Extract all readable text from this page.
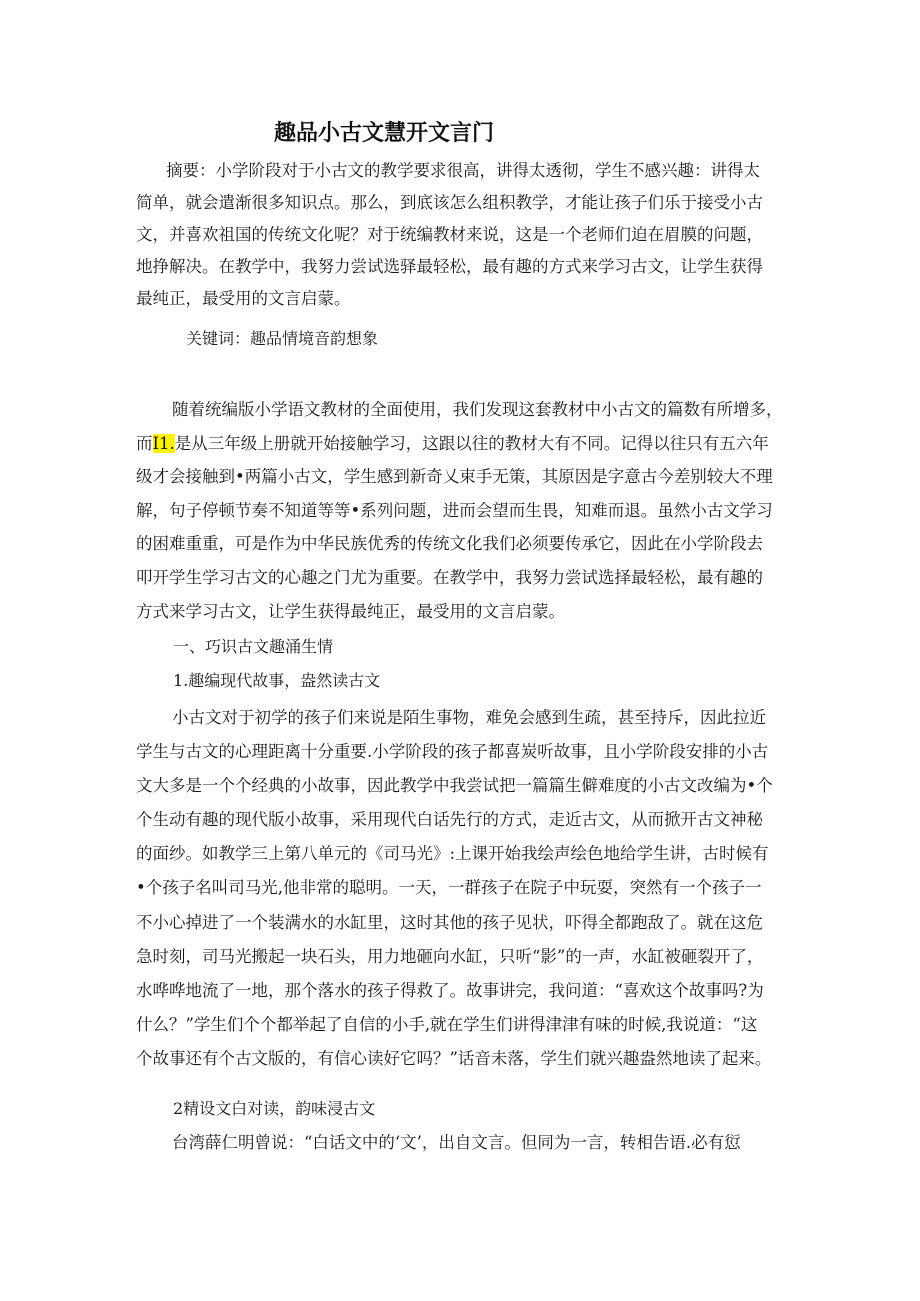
趣品小古文慧开文言门
摘要：小学阶段对于小古文的教学要求很高，讲得太透彻，学生不感兴趣：讲得太
简单，就会遣渐很多知识点。那么，到底该怎么组积教学，才能让孩子们乐于接受小古
文，并喜欢祖国的传统文化呢？对于统编教材来说，这是一个老师们迫在眉膜的问题，
地挣解决。在教学中，我努力尝试选驿最轻松，最有趣的方式来学习古文，让学生获得
最纯正，最受用的文言启蒙。
关键词：趣品情境音韵想象
随着统编版小学语文教材的全面使用，我们发现这套教材中小古文的篇数有所增多，
而I1.是从三年级上册就开始接触学习，这跟以往的教材大有不同。记得以往只有五六年
级才会接触到•两篇小古文，学生感到新奇乂束手无策，其原因是字意古今差别较大不理
解，句子停顿节奏不知道等等•系列问题，进而会望而生畏，知难而退。虽然小古文学习
的困难重重，可是作为中华民族优秀的传统文化我们必须要传承它，因此在小学阶段去
叩开学生学习古文的心趣之门尤为重要。在教学中，我努力尝试选择最轻松，最有趣的
方式来学习古文，让学生获得最纯正，最受用的文言启蒙。
一、巧识古文趣涌生情
1.趣编现代故事，盎然读古文
小古文对于初学的孩子们来说是陌生事物，难免会感到生疏，甚至持斥，因此拉近
学生与古文的心理距离十分重要.小学阶段的孩子都喜炭听故事，且小学阶段安排的小古
文大多是一个个经典的小故事，因此教学中我尝试把一篇篇生僻难度的小古文改编为•个
个生动有趣的现代版小故事，采用现代白话先行的方式，走近古文，从而掀开古文神秘
的面纱。如教学三上第八单元的《司马光》:上课开始我绘声绘色地给学生讲，古时候有
•个孩子名叫司马光,他非常的聪明。一天，一群孩子在院子中玩耍，突然有一个孩子一
不小心掉进了一个装满水的水缸里，这时其他的孩子见状，吓得全都跑敌了。就在这危
急时刻，司马光搬起一块石头，用力地砸向水缸，只听“影”的一声，水缸被砸裂开了，
水哗哗地流了一地，那个落水的孩子得救了。故事讲完，我问道：“喜欢这个故事吗?为
什么？”学生们个个都举起了自信的小手,就在学生们讲得津津有味的时候,我说道：“这
个故事还有个古文版的，有信心读好它吗？”话音未落，学生们就兴趣盎然地读了起来。
2精设文白对读，韵味浸古文
台湾薛仁明曾说：“白话文中的‘文’，出自文言。但同为一言，转相告语.必有愆
